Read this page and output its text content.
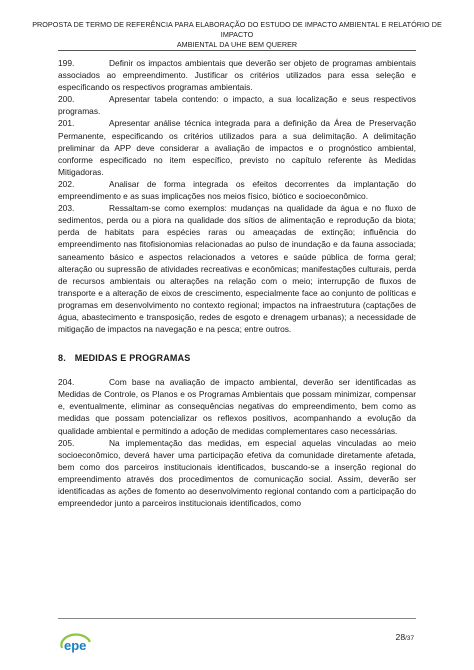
PROPOSTA DE TERMO DE REFERÊNCIA PARA ELABORAÇÃO DO ESTUDO DE IMPACTO AMBIENTAL E RELATÓRIO DE IMPACTO
AMBIENTAL DA UHE BEM QUERER

199.	Definir os impactos ambientais que deverão ser objeto de programas ambientais associados ao empreendimento. Justificar os critérios utilizados para essa seleção e especificando os respectivos programas ambientais.

200.	Apresentar tabela contendo: o impacto, a sua localização e seus respectivos programas.

201.	Apresentar análise técnica integrada para a definição da Área de Preservação Permanente, especificando os critérios utilizados para a sua delimitação. A delimitação preliminar da APP deve considerar a avaliação de impactos e o prognóstico ambiental, conforme especificado no item específico, previsto no capítulo referente às Medidas Mitigadoras.

202.	Analisar de forma integrada os efeitos decorrentes da implantação do empreendimento e as suas implicações nos meios físico, biótico e socioeconômico.

203.	Ressaltam-se como exemplos: mudanças na qualidade da água e no fluxo de sedimentos, perda ou a piora na qualidade dos sítios de alimentação e reprodução da biota; perda de habitats para espécies raras ou ameaçadas de extinção; influência do empreendimento nas fitofisionomias relacionadas ao pulso de inundação e da fauna associada; saneamento básico e aspectos relacionados a vetores e saúde pública de forma geral; alteração ou supressão de atividades recreativas e econômicas; manifestações culturais, perda de recursos ambientais ou alterações na relação com o meio; interrupção de fluxos de transporte e a alteração de eixos de crescimento, especialmente face ao conjunto de políticas e programas em desenvolvimento no contexto regional; impactos na infraestrutura (captações de água, abastecimento e transposição, redes de esgoto e drenagem urbanas); a necessidade de mitigação de impactos na navegação e na pesca; entre outros.

8. MEDIDAS E PROGRAMAS

204.	Com base na avaliação de impacto ambiental, deverão ser identificadas as Medidas de Controle, os Planos e os Programas Ambientais que possam minimizar, compensar e, eventualmente, eliminar as consequências negativas do empreendimento, bem como as medidas que possam potencializar os reflexos positivos, acompanhando a evolução da qualidade ambiental e permitindo a adoção de medidas complementares caso necessárias.

205.	Na implementação das medidas, em especial aquelas vinculadas ao meio socioeconômico, deverá haver uma participação efetiva da comunidade diretamente afetada, bem como dos parceiros institucionais identificados, buscando-se a inserção regional do empreendimento através dos procedimentos de comunicação social. Assim, deverão ser identificadas as ações de fomento ao desenvolvimento regional contando com a participação do empreendedor junto a parceiros institucionais identificados, como

epe
28/37
